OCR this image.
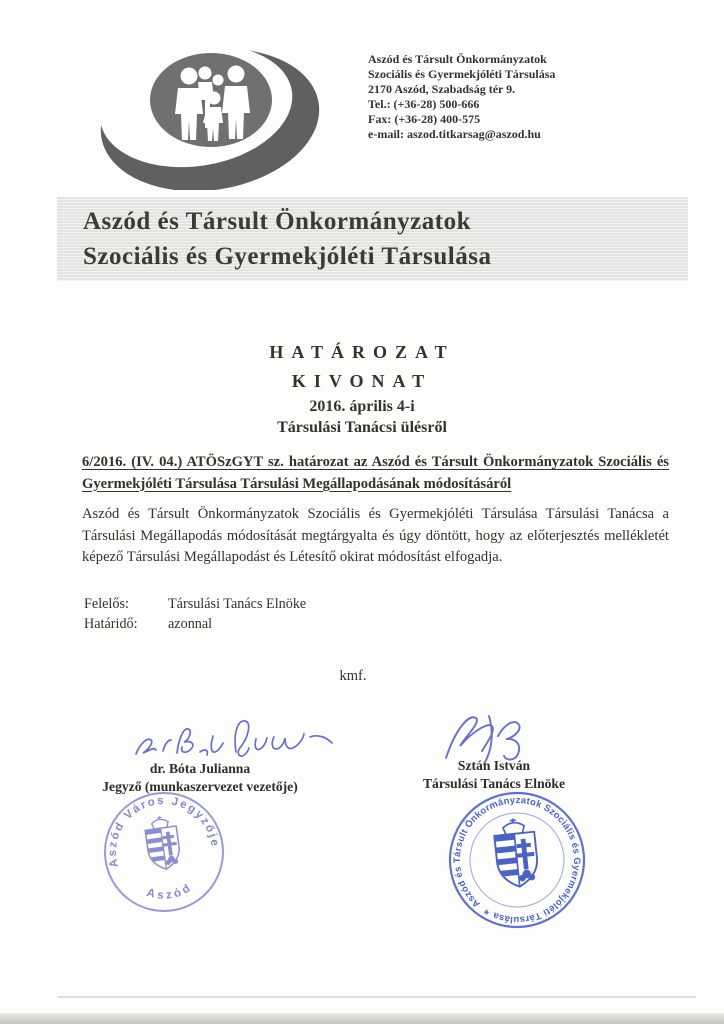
Aszód és Társult Önkormányzatok
Szociális és Gyermekjóléti Társulása
2170 Aszód, Szabadság tér 9.
Tel.: (+36-28) 500-666
Fax: (+36-28) 400-575
e-mail: aszod.titkarsag@aszod.hu
Aszód és Társult Önkormányzatok
Szociális és Gyermekjóléti Társulása
HATÁROZAT
KIVONAT
2016. április 4-i
Társulási Tanácsi ülésről
6/2016. (IV. 04.) ATÖSzGYT sz. határozat az Aszód és Társult Önkormányzatok Szociális és Gyermekjóléti Társulása Társulási Megállapodásának módosításáról

Aszód és Társult Önkormányzatok Szociális és Gyermekjóléti Társulása Társulási Tanácsa a Társulási Megállapodás módosítását megtárgyalta és úgy döntött, hogy az előterjesztés mellékletét képező Társulási Megállapodást és Létesítő okirat módosítást elfogadja.

Felelős:	Társulási Tanács Elnöke
Határidő:	azonnal
kmf.
dr. Bóta Julianna
Jegyző (munkaszervezet vezetője)
Sztán István
Társulási Tanács Elnöke
Aszód Város Jegyzője
Aszód
Aszód és Társult Önkormányzatok Szociális és Gyermekjóléti Társulása ✶
